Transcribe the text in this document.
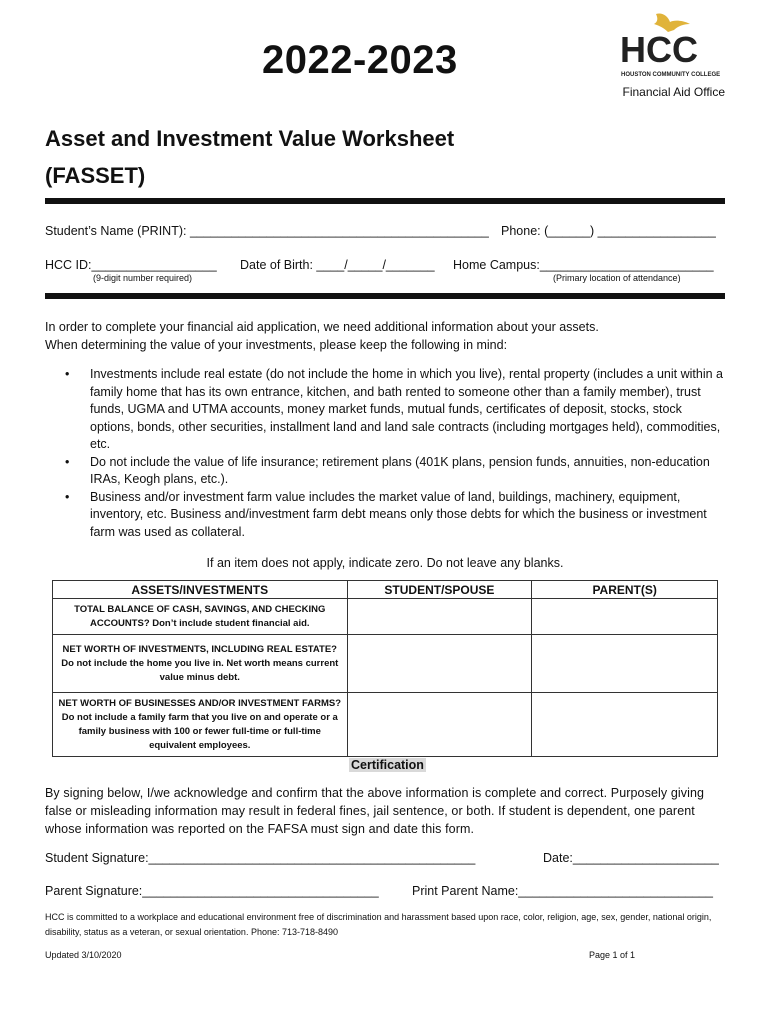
2022-2023	HCC
HOUSTON COMMUNITY COLLEGE
Financial Aid Office
Asset and Investment Value Worksheet
(FASSET)
Student’s Name (PRINT): ___________________________________________ Phone: (______) _________________
HCC ID:__________________
(9-digit number required)
Date of Birth: ____/_____/_______ Home Campus:_________________________
(Primary location of attendance)
In order to complete your financial aid application, we need additional information about your assets.
When determining the value of your investments, please keep the following in mind:
• Investments include real estate (do not include the home in which you live), rental property (includes a unit within a family home that has its own entrance, kitchen, and bath rented to someone other than a family member), trust funds, UGMA and UTMA accounts, money market funds, mutual funds, certificates of deposit, stocks, stock options, bonds, other securities, installment land and land sale contracts (including mortgages held), commodities, etc.
• Do not include the value of life insurance; retirement plans (401K plans, pension funds, annuities, non-education IRAs, Keogh plans, etc.).
• Business and/or investment farm value includes the market value of land, buildings, machinery, equipment, inventory, etc. Business and/investment farm debt means only those debts for which the business or investment farm was used as collateral.
If an item does not apply, indicate zero. Do not leave any blanks.
ASSETS/INVESTMENTS	STUDENT/SPOUSE	PARENT(S)
TOTAL BALANCE OF CASH, SAVINGS, AND CHECKING ACCOUNTS? Don’t include student financial aid.		
NET WORTH OF INVESTMENTS, INCLUDING REAL ESTATE? Do not include the home you live in. Net worth means current value minus debt.		
NET WORTH OF BUSINESSES AND/OR INVESTMENT FARMS? Do not include a family farm that you live on and operate or a family business with 100 or fewer full-time or full-time equivalent employees.		
Certification
By signing below, I/we acknowledge and confirm that the above information is complete and correct. Purposely giving false or misleading information may result in federal fines, jail sentence, or both. If student is dependent, one parent whose information was reported on the FAFSA must sign and date this form.
Student Signature:_______________________________________________	Date:_____________________
Parent Signature:__________________________________	Print Parent Name:____________________________
HCC is committed to a workplace and educational environment free of discrimination and harassment based upon race, color, religion, age, sex, gender, national origin, disability, status as a veteran, or sexual orientation. Phone: 713-718-8490
Updated 3/10/2020	Page 1 of 1
